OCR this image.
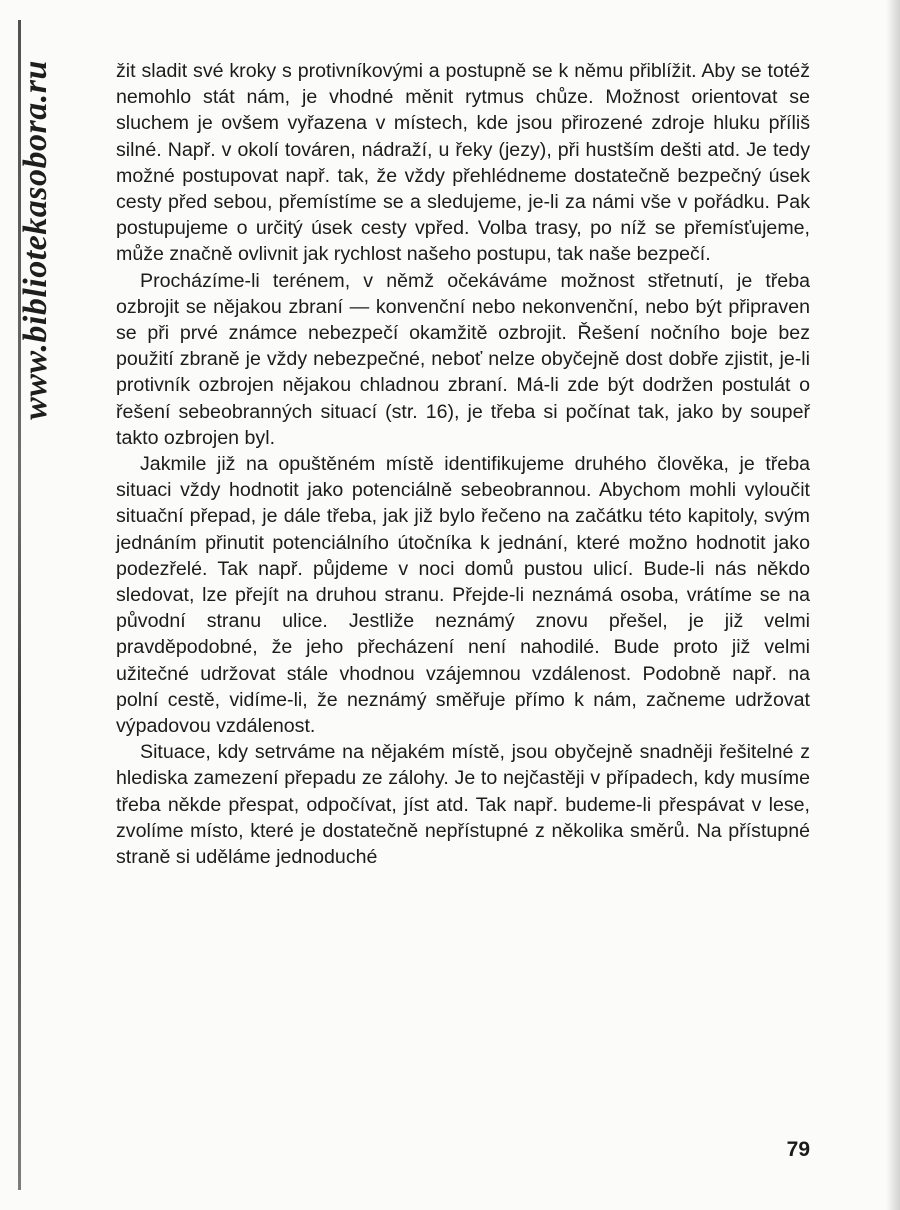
www.bibliotekasobora.ru	žit sladit své kroky s protivníkovými a postupně se k němu přiblížit. Aby se totéž nemohlo stát nám, je vhodné měnit rytmus chůze. Možnost orientovat se sluchem je ovšem vyřazena v místech, kde jsou přirozené zdroje hluku příliš silné. Např. v okolí továren, nádraží, u řeky (jezy), při hustším dešti atd. Je tedy možné postupovat např. tak, že vždy přehlédneme dostatečně bezpečný úsek cesty před sebou, přemístíme se a sledujeme, je-li za námi vše v pořádku. Pak postupujeme o určitý úsek cesty vpřed. Volba trasy, po níž se přemísťujeme, může značně ovlivnit jak rychlost našeho postupu, tak naše bezpečí.

Procházíme-li terénem, v němž očekáváme možnost střetnutí, je třeba ozbrojit se nějakou zbraní — konvenční nebo nekonvenční, nebo být připraven se při prvé známce nebezpečí okamžitě ozbrojit. Řešení nočního boje bez použití zbraně je vždy nebezpečné, neboť nelze obyčejně dost dobře zjistit, je-li protivník ozbrojen nějakou chladnou zbraní. Má-li zde být dodržen postulát o řešení sebeobranných situací (str. 16), je třeba si počínat tak, jako by soupeř takto ozbrojen byl.

Jakmile již na opuštěném místě identifikujeme druhého člověka, je třeba situaci vždy hodnotit jako potenciálně sebeobrannou. Abychom mohli vyloučit situační přepad, je dále třeba, jak již bylo řečeno na začátku této kapitoly, svým jednáním přinutit potenciálního útočníka k jednání, které možno hodnotit jako podezřelé. Tak např. půjdeme v noci domů pustou ulicí. Bude-li nás někdo sledovat, lze přejít na druhou stranu. Přejde-li neznámá osoba, vrátíme se na původní stranu ulice. Jestliže neznámý znovu přešel, je již velmi pravděpodobné, že jeho přecházení není nahodilé. Bude proto již velmi užitečné udržovat stále vhodnou vzájemnou vzdálenost. Podobně např. na polní cestě, vidíme-li, že neznámý směřuje přímo k nám, začneme udržovat výpadovou vzdálenost.

Situace, kdy setrváme na nějakém místě, jsou obyčejně snadněji řešitelné z hlediska zamezení přepadu ze zálohy. Je to nejčastěji v případech, kdy musíme třeba někde přespat, odpočívat, jíst atd. Tak např. budeme-li přespávat v lese, zvolíme místo, které je dostatečně nepřístupné z několika směrů. Na přístupné straně si uděláme jednoduché

79
